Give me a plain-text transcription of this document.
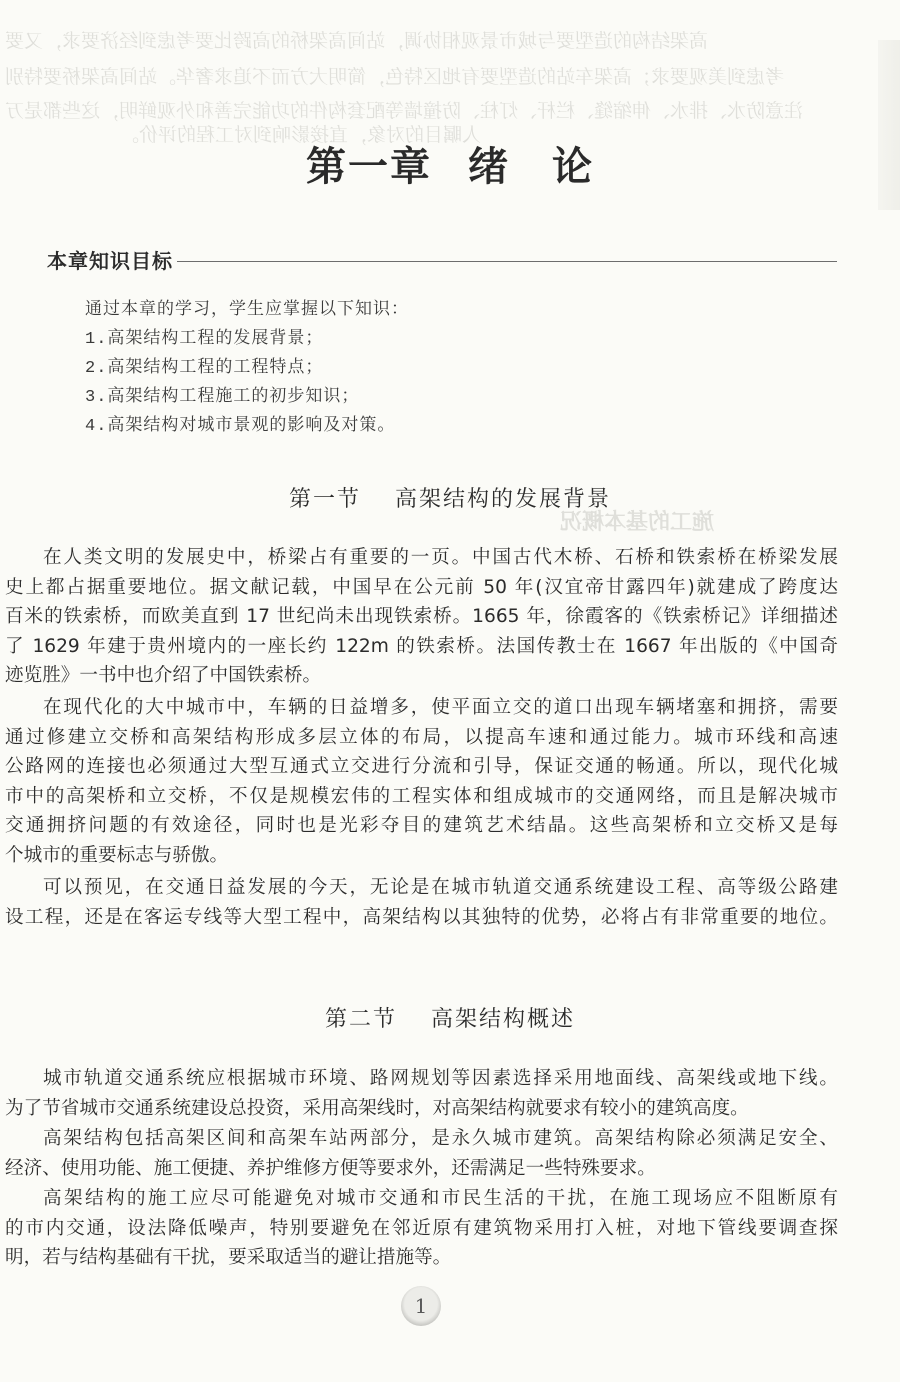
高架结构的造型要与城市景观相协调，站间高架桥的高跨比要考虑到经济要求，又要
考虑到美观要求；高架车站的造型要有地区特色，简明大方而不追求奢华。站间高架桥要特别
注意防水、排水、伸缩缝、栏杆、灯柱、防撞墙等配套构件的功能完善和外观鲜明，这些都是万
人瞩目的对象，直接影响到对工程的评价。
施工的基本概况
第一章 绪　论
本章知识目标
通过本章的学习，学生应掌握以下知识：
1.高架结构工程的发展背景；
2.高架结构工程的工程特点；
3.高架结构工程施工的初步知识；
4.高架结构对城市景观的影响及对策。
第一节 高架结构的发展背景
在人类文明的发展史中，桥梁占有重要的一页。中国古代木桥、石桥和铁索桥在桥梁发展
史上都占据重要地位。据文献记载，中国早在公元前 50 年(汉宜帝甘露四年)就建成了跨度达
百米的铁索桥，而欧美直到 17 世纪尚未出现铁索桥。1665 年，徐霞客的《铁索桥记》详细描述
了 1629 年建于贵州境内的一座长约 122m 的铁索桥。法国传教士在 1667 年出版的《中国奇
迹览胜》一书中也介绍了中国铁索桥。
在现代化的大中城市中，车辆的日益增多，使平面立交的道口出现车辆堵塞和拥挤，需要
通过修建立交桥和高架结构形成多层立体的布局，以提高车速和通过能力。城市环线和高速
公路网的连接也必须通过大型互通式立交进行分流和引导，保证交通的畅通。所以，现代化城
市中的高架桥和立交桥，不仅是规模宏伟的工程实体和组成城市的交通网络，而且是解决城市
交通拥挤问题的有效途径，同时也是光彩夺目的建筑艺术结晶。这些高架桥和立交桥又是每
个城市的重要标志与骄傲。
可以预见，在交通日益发展的今天，无论是在城市轨道交通系统建设工程、高等级公路建
设工程，还是在客运专线等大型工程中，高架结构以其独特的优势，必将占有非常重要的地位。
第二节 高架结构概述
城市轨道交通系统应根据城市环境、路网规划等因素选择采用地面线、高架线或地下线。
为了节省城市交通系统建设总投资，采用高架线时，对高架结构就要求有较小的建筑高度。
高架结构包括高架区间和高架车站两部分，是永久城市建筑。高架结构除必须满足安全、
经济、使用功能、施工便捷、养护维修方便等要求外，还需满足一些特殊要求。
高架结构的施工应尽可能避免对城市交通和市民生活的干扰，在施工现场应不阻断原有
的市内交通，设法降低噪声，特别要避免在邻近原有建筑物采用打入桩，对地下管线要调查探
明，若与结构基础有干扰，要采取适当的避让措施等。
1
